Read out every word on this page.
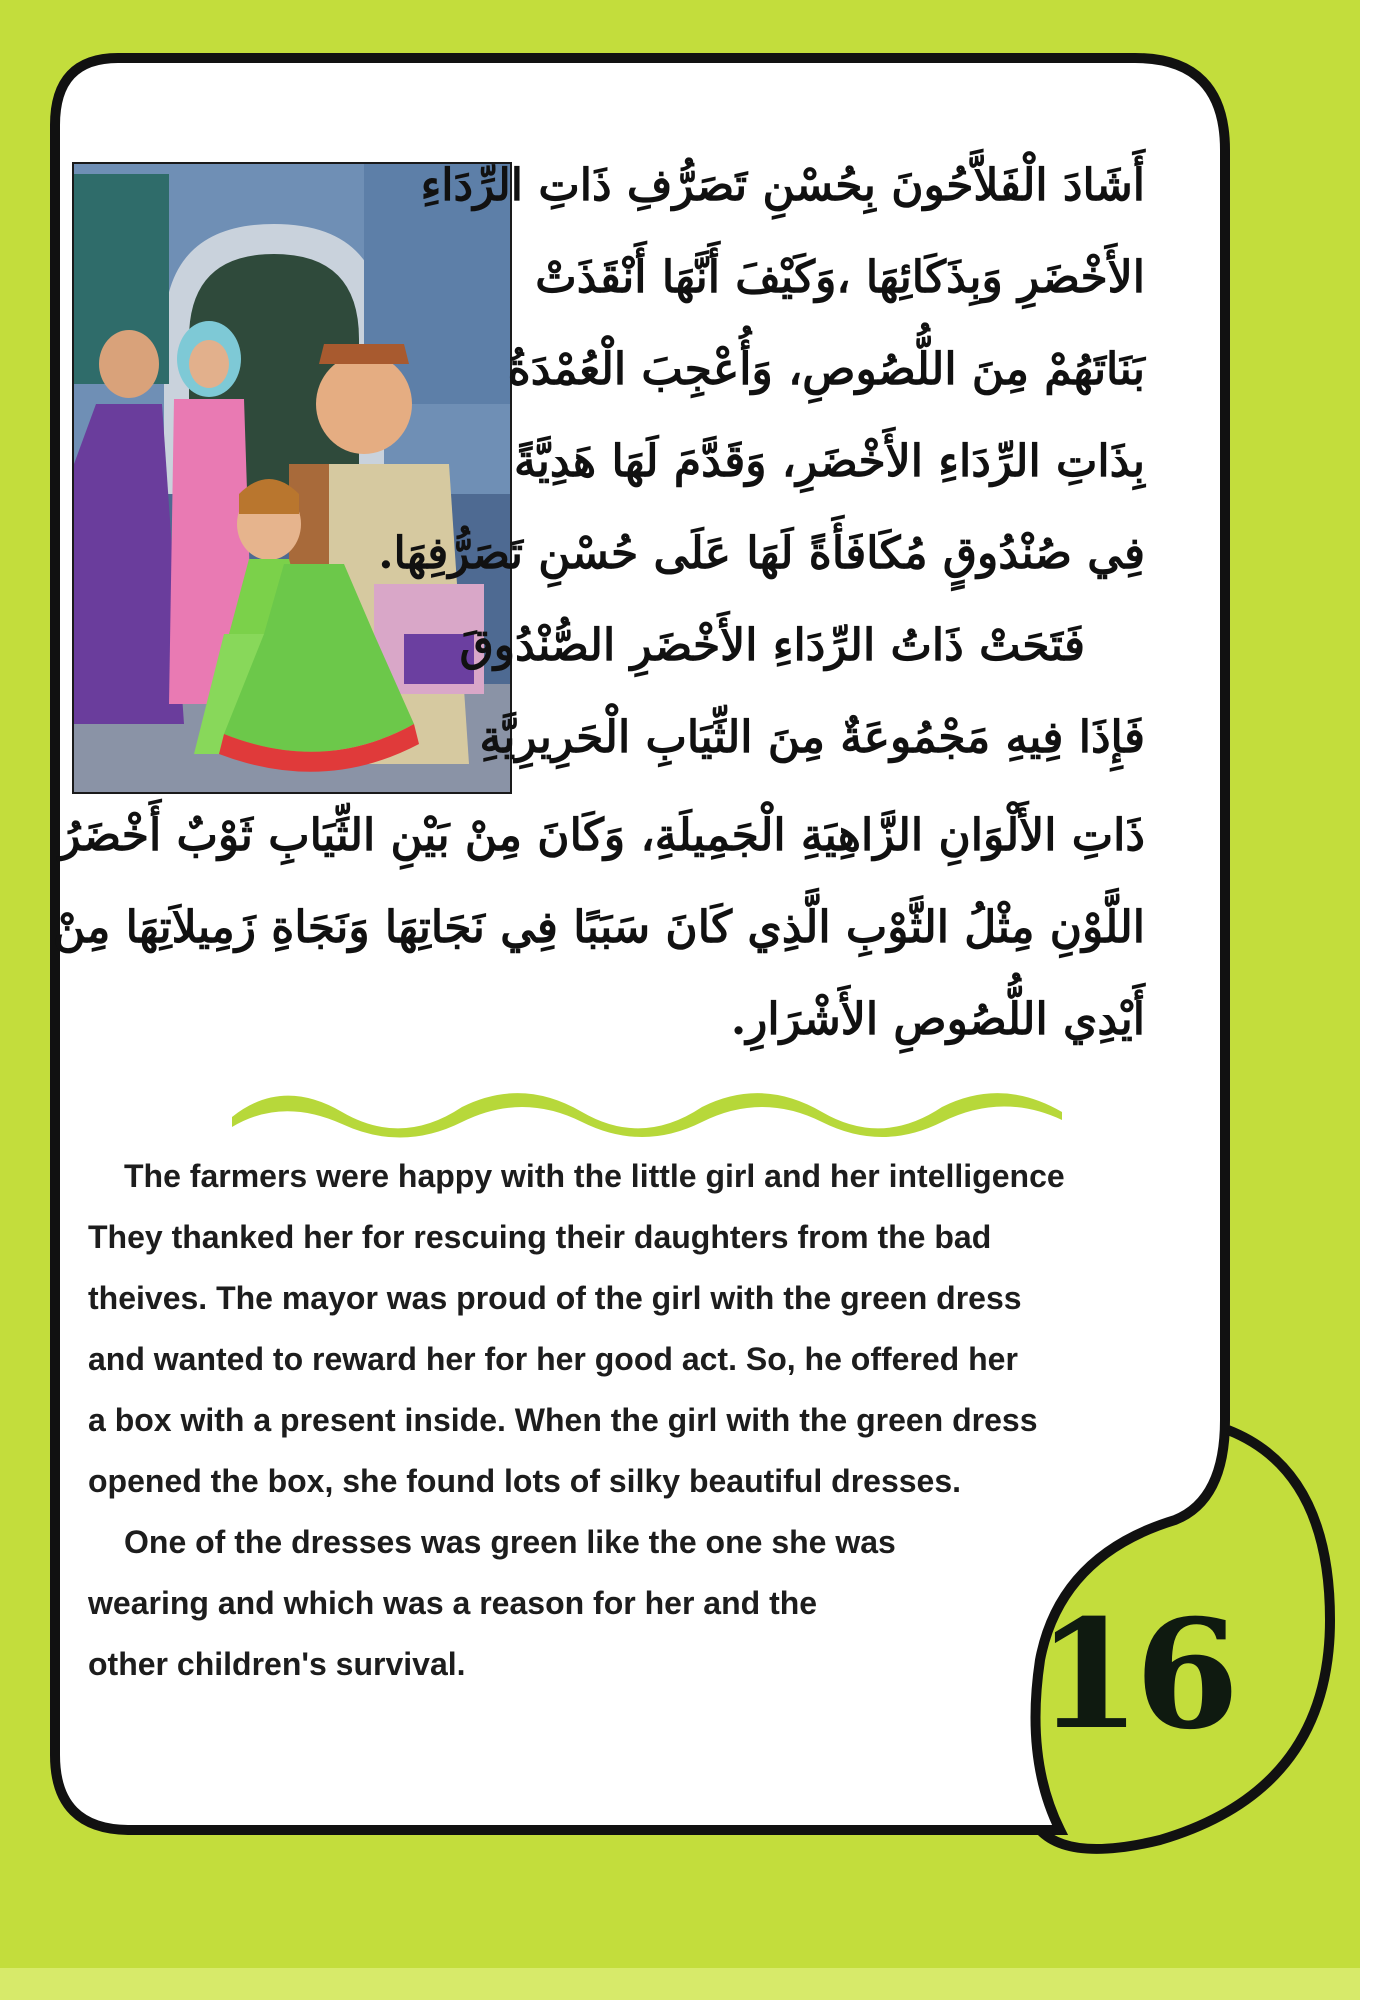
أَشَادَ الْفَلاَّحُونَ بِحُسْنِ تَصَرُّفِ ذَاتِ الرِّدَاءِ
الأَخْضَرِ وَبِذَكَائِهَا ،وَكَيْفَ أَنَّهَا أَنْقَذَتْ
بَنَاتَهُمْ مِنَ اللُّصُوصِ، وَأُعْجِبَ الْعُمْدَةُ
بِذَاتِ الرِّدَاءِ الأَخْضَرِ، وَقَدَّمَ لَهَا هَدِيَّةً
فِي صُنْدُوقٍ مُكَافَأَةً لَهَا عَلَى حُسْنِ تَصَرُّفِهَا.
فَتَحَتْ ذَاتُ الرِّدَاءِ الأَخْضَرِ الصُّنْدُوقَ
فَإِذَا فِيهِ مَجْمُوعَةٌ مِنَ الثِّيَابِ الْحَرِيرِيَّةِ
ذَاتِ الأَلْوَانِ الزَّاهِيَةِ الْجَمِيلَةِ، وَكَانَ مِنْ بَيْنِ الثِّيَابِ ثَوْبٌ أَخْضَرُ
اللَّوْنِ مِثْلُ الثَّوْبِ الَّذِي كَانَ سَبَبًا فِي نَجَاتِهَا وَنَجَاةِ زَمِيلاَتِهَا مِنْ
أَيْدِي اللُّصُوصِ الأَشْرَارِ.
The farmers were happy with the little girl and her intelligence
They thanked her for rescuing their daughters from the bad
theives. The mayor was proud of the girl with the green dress
and wanted to reward her for her good act. So, he offered her
a box with a present inside. When the girl with the green dress
opened the box, she found lots of silky beautiful dresses.
One of the dresses was green like the one she was
wearing and which was a reason for her and the
other children's survival.	16
